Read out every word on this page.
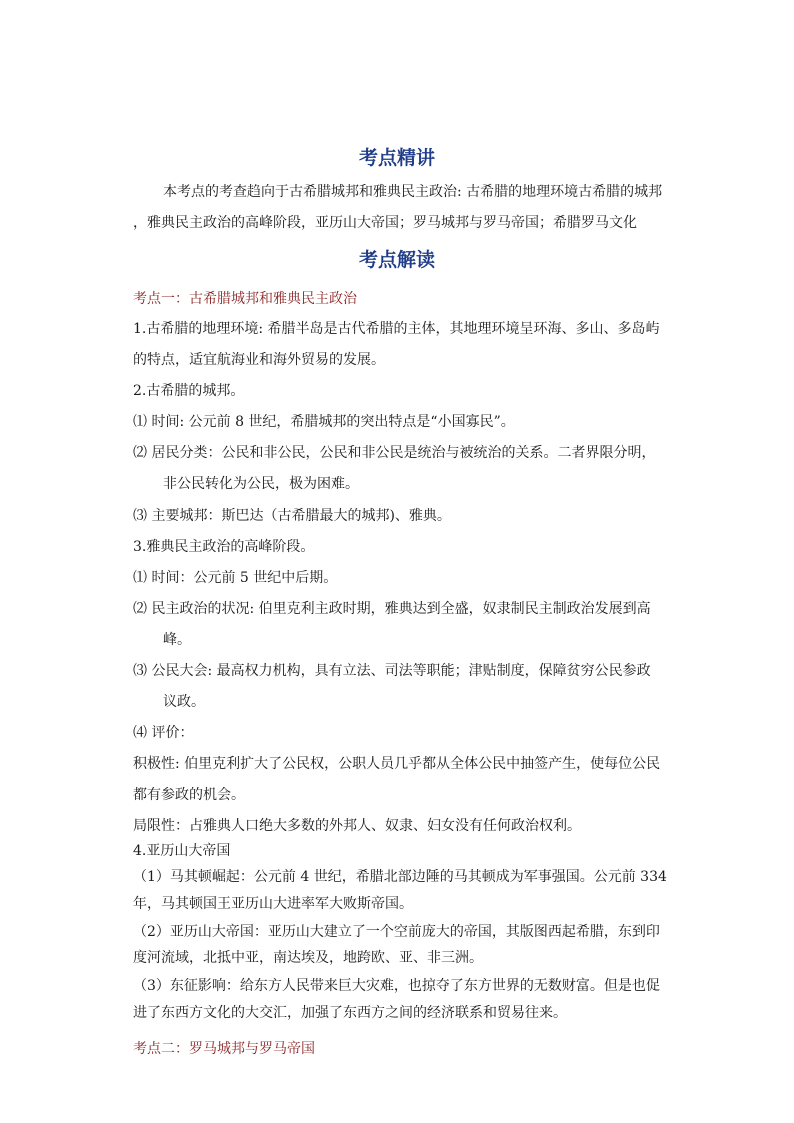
考点精讲
本考点的考查趋向于古希腊城邦和雅典民主政治: 古希腊的地理环境古希腊的城邦
，雅典民主政治的高峰阶段，亚历山大帝国；罗马城邦与罗马帝国；希腊罗马文化
考点解读
考点一：古希腊城邦和雅典民主政治
1.古希腊的地理环境: 希腊半岛是古代希腊的主体，其地理环境呈环海、多山、多岛屿
的特点，适宜航海业和海外贸易的发展。
2.古希腊的城邦。
⑴ 时间: 公元前 8 世纪，希腊城邦的突出特点是“小国寡民”。
⑵ 居民分类：公民和非公民，公民和非公民是统治与被统治的关系。二者界限分明，
非公民转化为公民，极为困难。
⑶ 主要城邦：斯巴达（古希腊最大的城邦)、雅典。
3.雅典民主政治的高峰阶段。
⑴ 时间：公元前 5 世纪中后期。
⑵ 民主政治的状况: 伯里克利主政时期，雅典达到全盛，奴隶制民主制政治发展到高
峰。
⑶ 公民大会: 最高权力机构，具有立法、司法等职能；津贴制度，保障贫穷公民参政
议政。
⑷ 评价：
积极性: 伯里克利扩大了公民权，公职人员几乎都从全体公民中抽签产生，使每位公民
都有参政的机会。
局限性：占雅典人口绝大多数的外邦人、奴隶、妇女没有任何政治权利。
4.亚历山大帝国
（1）马其顿崛起：公元前 4 世纪，希腊北部边陲的马其顿成为军事强国。公元前 334
年，马其顿国王亚历山大进率军大败斯帝国。
（2）亚历山大帝国：亚历山大建立了一个空前庞大的帝国，其版图西起希腊，东到印
度河流域，北抵中亚，南达埃及，地跨欧、亚、非三洲。
（3）东征影响：给东方人民带来巨大灾难，也掠夺了东方世界的无数财富。但是也促
进了东西方文化的大交汇，加强了东西方之间的经济联系和贸易往来。
考点二：罗马城邦与罗马帝国
